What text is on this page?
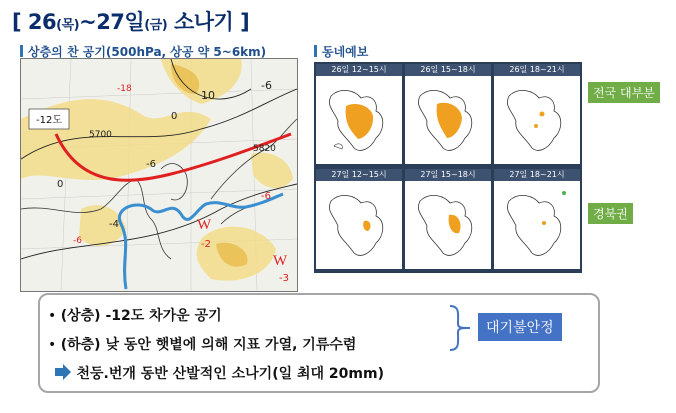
[ 26(목)~27일(금) 소나기 ]
상층의 찬 공기(500hPa, 상공 약 5~6km)	동네예보
-12도
-18	10
-6
5700
-6
0
5820
0
-6
-2
-6
-4
-3
W
W
26일 12~15시	26일 15~18시	26일 18~21시
27일 12~15시	27일 15~18시	27일 18~21시
전국 대부분
경북권
• (상층) -12도 차가운 공기
• (하층) 낮 동안 햇볕에 의해 지표 가열, 기류수렴
대기불안정
천둥.번개 동반 산발적인 소나기(일 최대 20mm)
